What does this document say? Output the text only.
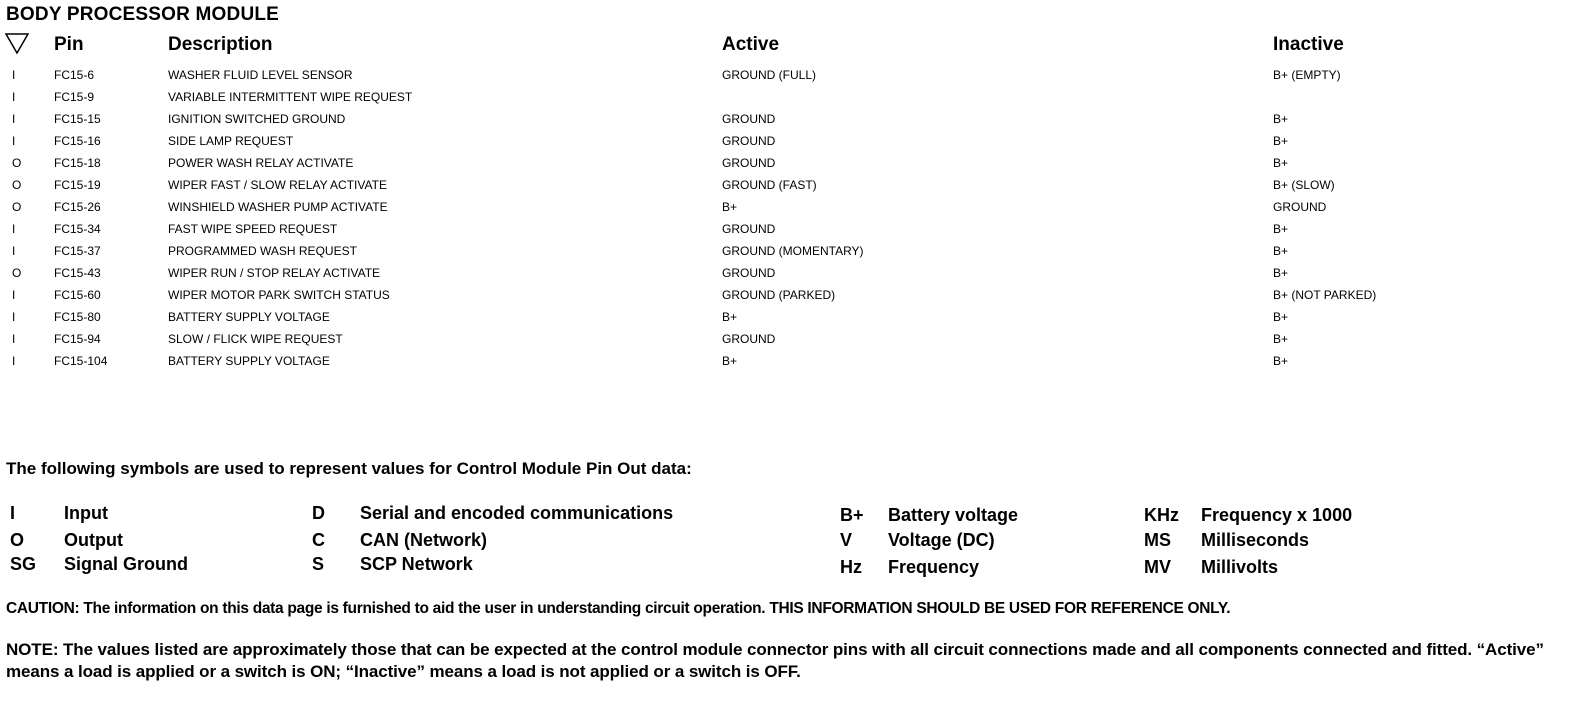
BODY PROCESSOR MODULE
Pin	Description	Active	Inactive
I	FC15-6	WASHER FLUID LEVEL SENSOR	GROUND (FULL)	B+ (EMPTY)
I	FC15-9	VARIABLE INTERMITTENT WIPE REQUEST
I	FC15-15	IGNITION SWITCHED GROUND	GROUND	B+
I	FC15-16	SIDE LAMP REQUEST	GROUND	B+
O	FC15-18	POWER WASH RELAY ACTIVATE	GROUND	B+
O	FC15-19	WIPER FAST / SLOW RELAY ACTIVATE	GROUND (FAST)	B+ (SLOW)
O	FC15-26	WINSHIELD WASHER PUMP ACTIVATE	B+	GROUND
I	FC15-34	FAST WIPE SPEED REQUEST	GROUND	B+
I	FC15-37	PROGRAMMED WASH REQUEST	GROUND (MOMENTARY)	B+
O	FC15-43	WIPER RUN / STOP RELAY ACTIVATE	GROUND	B+
I	FC15-60	WIPER MOTOR PARK SWITCH STATUS	GROUND (PARKED)	B+ (NOT PARKED)
I	FC15-80	BATTERY SUPPLY VOLTAGE	B+	B+
I	FC15-94	SLOW / FLICK WIPE REQUEST	GROUND	B+
I	FC15-104	BATTERY SUPPLY VOLTAGE	B+	B+
The following symbols are used to represent values for Control Module Pin Out data:
I	Input
O Output
SG Signal Ground
D Serial and encoded communications
C CAN (Network)
S SCP Network
B+ Battery voltage
V Voltage (DC)
Hz Frequency
KHz Frequency x 1000
MS Milliseconds
MV Millivolts
CAUTION: The information on this data page is furnished to aid the user in understanding circuit operation. THIS INFORMATION SHOULD BE USED FOR REFERENCE ONLY.
NOTE: The values listed are approximately those that can be expected at the control module connector pins with all circuit connections made and all components connected and fitted. “Active” means a load is applied or a switch is ON; “Inactive” means a load is not applied or a switch is OFF.
